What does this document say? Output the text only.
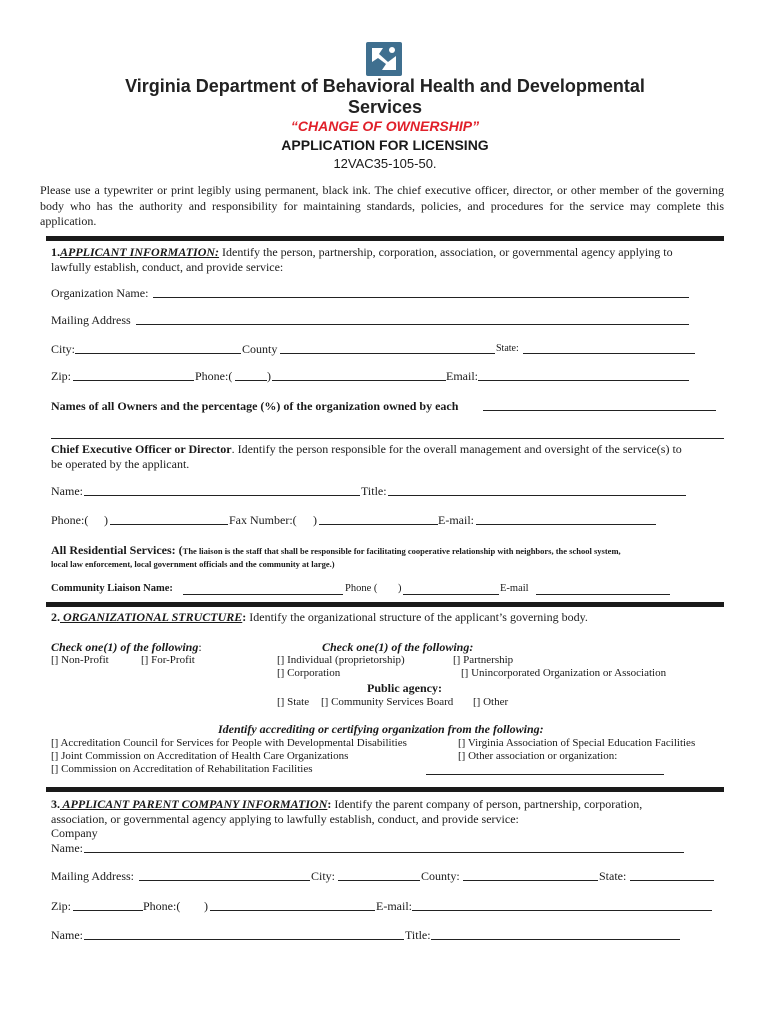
Virginia Department of Behavioral Health and Developmental
Services
“CHANGE OF OWNERSHIP”
APPLICATION FOR LICENSING
12VAC35-105-50.
Please use a typewriter or print legibly using permanent, black ink. The chief executive officer, director, or other member of the governing body who has the authority and responsibility for maintaining standards, policies, and procedures for the service may complete this application.
1.APPLICANT INFORMATION: Identify the person, partnership, corporation, association, or governmental agency applying to
lawfully establish, conduct, and provide service:
Organization Name:
Mailing Address
City:	County	State:
Zip:	Phone:(	)	Email:
Names of all Owners and the percentage (%) of the organization owned by each
Chief Executive Officer or Director. Identify the person responsible for the overall management and oversight of the service(s) to
be operated by the applicant.
Name:	Title:
Phone:( )	Fax Number:( )	E-mail:
All Residential Services: (The liaison is the staff that shall be responsible for facilitating cooperative relationship with neighbors, the school system,
local law enforcement, local government officials and the community at large.)
Community Liaison Name:	Phone ( )	E-mail
2. ORGANIZATIONAL STRUCTURE: Identify the organizational structure of the applicant’s governing body.
Check one(1) of the following:
[] Non-Profit	[] For-Profit
Check one(1) of the following:
[] Individual (proprietorship)	[] Partnership
[] Corporation	[] Unincorporated Organization or Association
Public agency:
[] State [] Community Services Board [] Other
Identify accrediting or certifying organization from the following:
[] Accreditation Council for Services for People with Developmental Disabilities
[] Joint Commission on Accreditation of Health Care Organizations
[] Commission on Accreditation of Rehabilitation Facilities
[] Virginia Association of Special Education Facilities
[] Other association or organization:
3. APPLICANT PARENT COMPANY INFORMATION: Identify the parent company of person, partnership, corporation,
association, or governmental agency applying to lawfully establish, conduct, and provide service:
Company
Name:
Mailing Address:	City:	County:	State:
Zip:	Phone:( )	E-mail:
Name:	Title:
